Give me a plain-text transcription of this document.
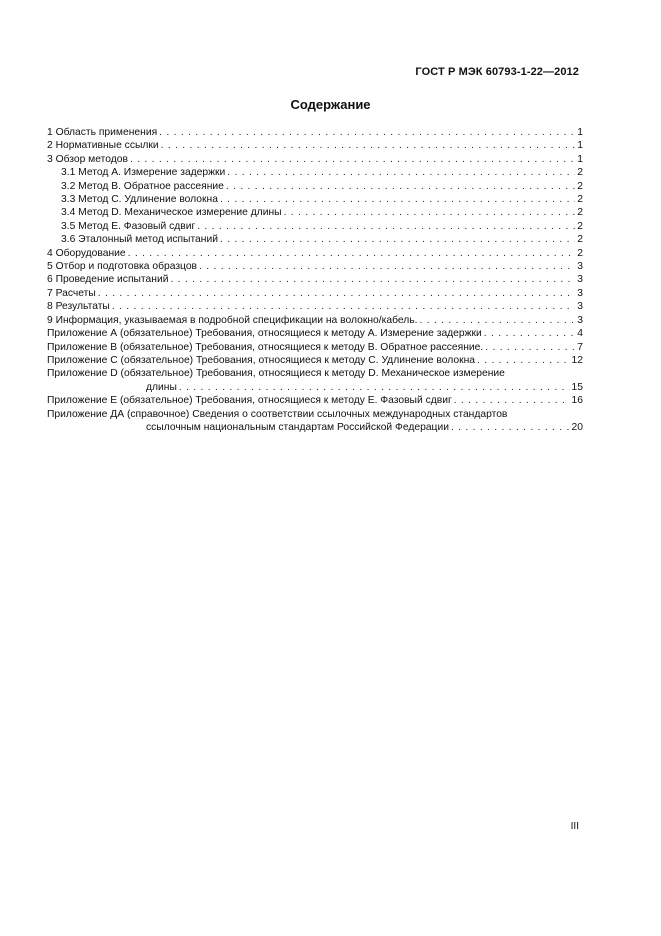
ГОСТ Р МЭК 60793-1-22—2012
Содержание
1 Область применения . . .	1
2 Нормативные ссылки . . .	1
3 Обзор методов . . .	1
3.1 Метод А. Измерение задержки . . .	2
3.2 Метод В. Обратное рассеяние . . .	2
3.3 Метод С. Удлинение волокна . . .	2
3.4 Метод D. Механическое измерение длины . . .	2
3.5 Метод Е. Фазовый сдвиг . . .	2
3.6 Эталонный метод испытаний . . .	2
4 Оборудование . . .	2
5 Отбор и подготовка образцов . . .	3
6 Проведение испытаний . . .	3
7 Расчеты . . .	3
8 Результаты . . .	3
9 Информация, указываемая в подробной спецификации на волокно/кабель. . . .	3
Приложение А (обязательное) Требования, относящиеся к методу А. Измерение задержки . . .	4
Приложение В (обязательное) Требования, относящиеся к методу В. Обратное рассеяние. . . .	7
Приложение С (обязательное) Требования, относящиеся к методу С. Удлинение волокна . . .	12
Приложение D (обязательное) Требования, относящиеся к методу D. Механическое измерение
длины . . .	15
Приложение Е (обязательное) Требования, относящиеся к методу Е. Фазовый сдвиг . . .	16
Приложение ДА (справочное) Сведения о соответствии ссылочных международных стандартов
ссылочным национальным стандартам Российской Федерации . . .	20
III
